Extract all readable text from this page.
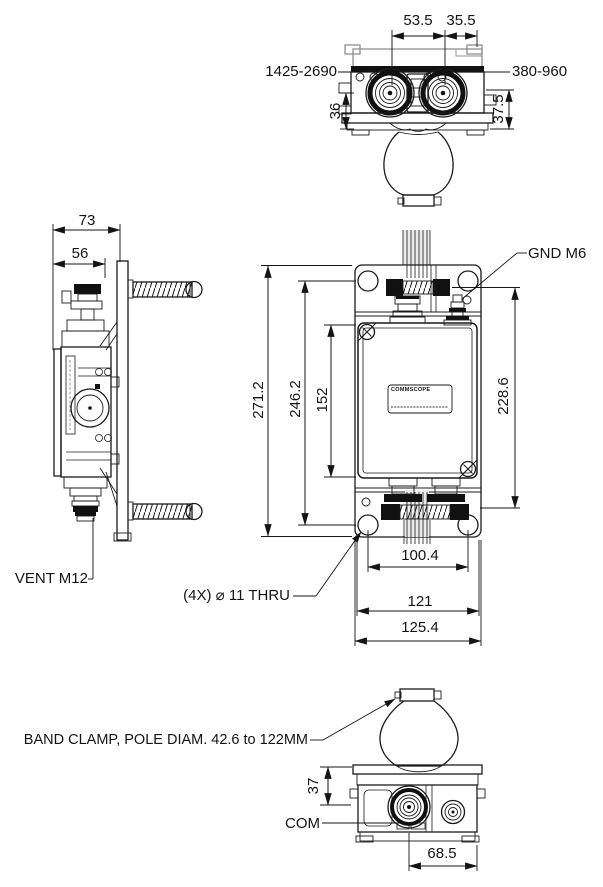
53.5 35.5
1425-2690	380-960
36	37.5
73
56
VENT M12
271.2 246.2 152	228.6
GND M6
(4X) ⌀ 11 THRU
100.4
121
125.4
COMMSCOPE
BAND CLAMP, POLE DIAM. 42.6 to 122MM
37
COM
68.5
